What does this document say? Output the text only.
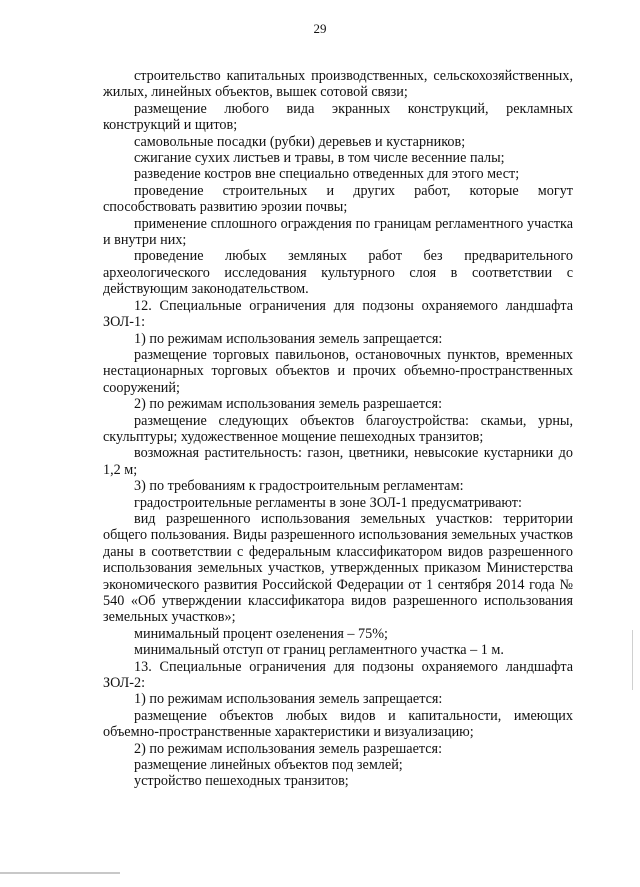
29

строительство капитальных производственных, сельскохозяйственных, жилых, линейных объектов, вышек сотовой связи;

размещение любого вида экранных конструкций, рекламных конструкций и щитов;

самовольные посадки (рубки) деревьев и кустарников;

сжигание сухих листьев и травы, в том числе весенние палы;

разведение костров вне специально отведенных для этого мест;

проведение строительных и других работ, которые могут способствовать развитию эрозии почвы;

применение сплошного ограждения по границам регламентного участка и внутри них;

проведение любых земляных работ без предварительного археологического исследования культурного слоя в соответствии с действующим законодательством.

12. Специальные ограничения для подзоны охраняемого ландшафта ЗОЛ-1:

1) по режимам использования земель запрещается:

размещение торговых павильонов, остановочных пунктов, временных нестационарных торговых объектов и прочих объемно-пространственных сооружений;

2) по режимам использования земель разрешается:

размещение следующих объектов благоустройства: скамьи, урны, скульптуры; художественное мощение пешеходных транзитов;

возможная растительность: газон, цветники, невысокие кустарники до 1,2 м;

3) по требованиям к градостроительным регламентам:

градостроительные регламенты в зоне ЗОЛ-1 предусматривают:

вид разрешенного использования земельных участков: территории общего пользования. Виды разрешенного использования земельных участков даны в соответствии с федеральным классификатором видов разрешенного использования земельных участков, утвержденных приказом Министерства экономического развития Российской Федерации от 1 сентября 2014 года № 540 «Об утверждении классификатора видов разрешенного использования земельных участков»;

минимальный процент озеленения – 75%;

минимальный отступ от границ регламентного участка – 1 м.

13. Специальные ограничения для подзоны охраняемого ландшафта ЗОЛ-2:

1) по режимам использования земель запрещается:

размещение объектов любых видов и капитальности, имеющих объемно-пространственные характеристики и визуализацию;

2) по режимам использования земель разрешается:

размещение линейных объектов под землей;

устройство пешеходных транзитов;
